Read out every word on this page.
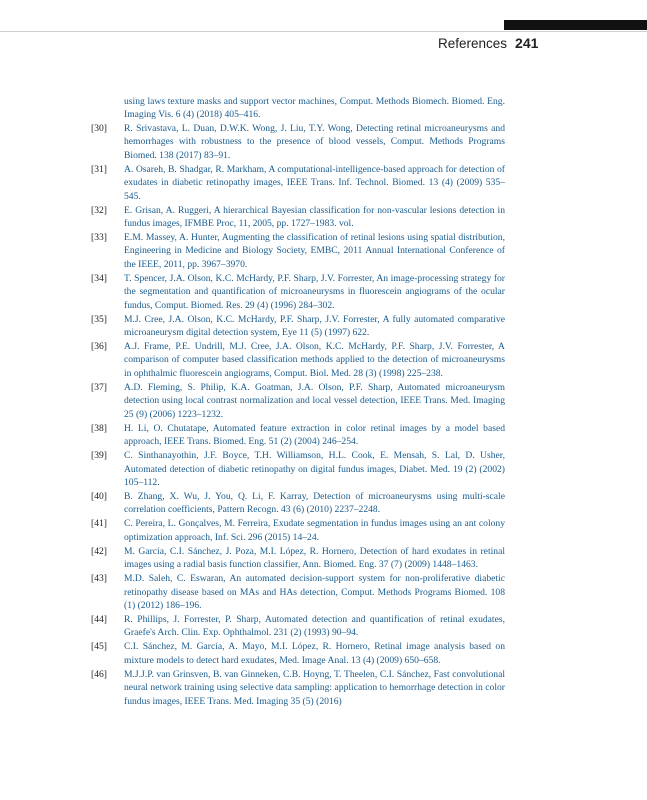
References 241
using laws texture masks and support vector machines, Comput. Methods Biomech. Biomed. Eng. Imaging Vis. 6 (4) (2018) 405–416.
[30]	R. Srivastava, L. Duan, D.W.K. Wong, J. Liu, T.Y. Wong, Detecting retinal microaneurysms and hemorrhages with robustness to the presence of blood vessels, Comput. Methods Programs Biomed. 138 (2017) 83–91.
[31]	A. Osareh, B. Shadgar, R. Markham, A computational-intelligence-based approach for detection of exudates in diabetic retinopathy images, IEEE Trans. Inf. Technol. Biomed. 13 (4) (2009) 535–545.
[32]	E. Grisan, A. Ruggeri, A hierarchical Bayesian classification for non-vascular lesions detection in fundus images, IFMBE Proc, 11, 2005, pp. 1727–1983. vol.
[33]	E.M. Massey, A. Hunter, Augmenting the classification of retinal lesions using spatial distribution, Engineering in Medicine and Biology Society, EMBC, 2011 Annual International Conference of the IEEE, 2011, pp. 3967–3970.
[34]	T. Spencer, J.A. Olson, K.C. McHardy, P.F. Sharp, J.V. Forrester, An image-processing strategy for the segmentation and quantification of microaneurysms in fluorescein angiograms of the ocular fundus, Comput. Biomed. Res. 29 (4) (1996) 284–302.
[35]	M.J. Cree, J.A. Olson, K.C. McHardy, P.F. Sharp, J.V. Forrester, A fully automated comparative microaneurysm digital detection system, Eye 11 (5) (1997) 622.
[36]	A.J. Frame, P.E. Undrill, M.J. Cree, J.A. Olson, K.C. McHardy, P.F. Sharp, J.V. Forrester, A comparison of computer based classification methods applied to the detection of microaneurysms in ophthalmic fluorescein angiograms, Comput. Biol. Med. 28 (3) (1998) 225–238.
[37]	A.D. Fleming, S. Philip, K.A. Goatman, J.A. Olson, P.F. Sharp, Automated microaneurysm detection using local contrast normalization and local vessel detection, IEEE Trans. Med. Imaging 25 (9) (2006) 1223–1232.
[38]	H. Li, O. Chutatape, Automated feature extraction in color retinal images by a model based approach, IEEE Trans. Biomed. Eng. 51 (2) (2004) 246–254.
[39]	C. Sinthanayothin, J.F. Boyce, T.H. Williamson, H.L. Cook, E. Mensah, S. Lal, D. Usher, Automated detection of diabetic retinopathy on digital fundus images, Diabet. Med. 19 (2) (2002) 105–112.
[40]	B. Zhang, X. Wu, J. You, Q. Li, F. Karray, Detection of microaneurysms using multi-scale correlation coefficients, Pattern Recogn. 43 (6) (2010) 2237–2248.
[41]	C. Pereira, L. Gonçalves, M. Ferreira, Exudate segmentation in fundus images using an ant colony optimization approach, Inf. Sci. 296 (2015) 14–24.
[42]	M. García, C.I. Sánchez, J. Poza, M.I. López, R. Hornero, Detection of hard exudates in retinal images using a radial basis function classifier, Ann. Biomed. Eng. 37 (7) (2009) 1448–1463.
[43]	M.D. Saleh, C. Eswaran, An automated decision-support system for non-proliferative diabetic retinopathy disease based on MAs and HAs detection, Comput. Methods Programs Biomed. 108 (1) (2012) 186–196.
[44]	R. Phillips, J. Forrester, P. Sharp, Automated detection and quantification of retinal exudates, Graefe's Arch. Clin. Exp. Ophthalmol. 231 (2) (1993) 90–94.
[45]	C.I. Sánchez, M. García, A. Mayo, M.I. López, R. Hornero, Retinal image analysis based on mixture models to detect hard exudates, Med. Image Anal. 13 (4) (2009) 650–658.
[46]	M.J.J.P. van Grinsven, B. van Ginneken, C.B. Hoyng, T. Theelen, C.I. Sánchez, Fast convolutional neural network training using selective data sampling: application to hemorrhage detection in color fundus images, IEEE Trans. Med. Imaging 35 (5) (2016)
